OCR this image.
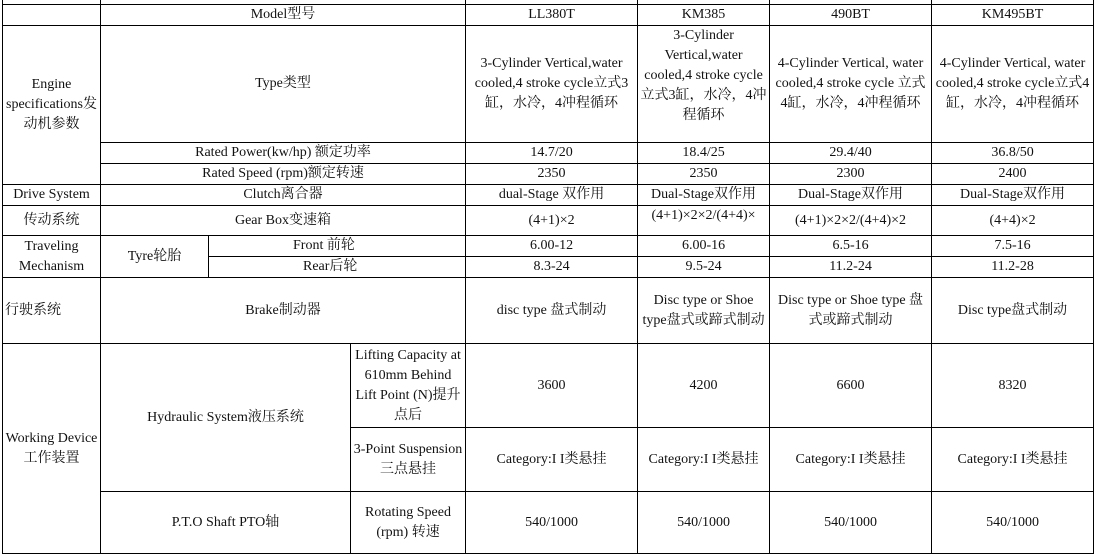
	Model型号			LL380T	KM385	490BT	KM495BT
Engine specifications发动机参数	Type类型			3-Cylinder Vertical,water cooled,4 stroke cycle立式3缸，水冷，4冲程循环	3-Cylinder Vertical,water cooled,4 stroke cycle立式3缸，水冷，4冲程循环	4-Cylinder Vertical, water cooled,4 stroke cycle 立式4缸，水冷，4冲程循环	4-Cylinder Vertical, water cooled,4 stroke cycle立式4缸，水冷，4冲程循环
	Rated Power(kw/hp) 额定功率			14.7/20	18.4/25	29.4/40	36.8/50
	Rated Speed (rpm)额定转速			2350	2350	2300	2400
Drive System	Clutch离合器			dual-Stage 双作用	Dual-Stage双作用	Dual-Stage双作用	Dual-Stage双作用
传动系统	Gear Box变速箱			(4+1)×2	(4+1)×2×2/(4+4)×	(4+1)×2×2/(4+4)×2	(4+4)×2
Traveling Mechanism	Tyre轮胎	Front 前轮		6.00-12	6.00-16	6.5-16	7.5-16
		Rear后轮		8.3-24	9.5-24	11.2-24	11.2-28
行驶系统	Brake制动器			disc type 盘式制动	Disc type or Shoe type盘式或蹄式制动	Disc type or Shoe type 盘式或蹄式制动	Disc type盘式制动
Working Device工作装置	Hydraulic System液压系统		Lifting Capacity at 610mm Behind Lift Point (N)提升点后	3600	4200	6600	8320
			3-Point Suspension三点悬挂	Category:I I类悬挂	Category:I I类悬挂	Category:I I类悬挂	Category:I I类悬挂
	P.T.O Shaft PTO轴		Rotating Speed (rpm) 转速	540/1000	540/1000	540/1000	540/1000
